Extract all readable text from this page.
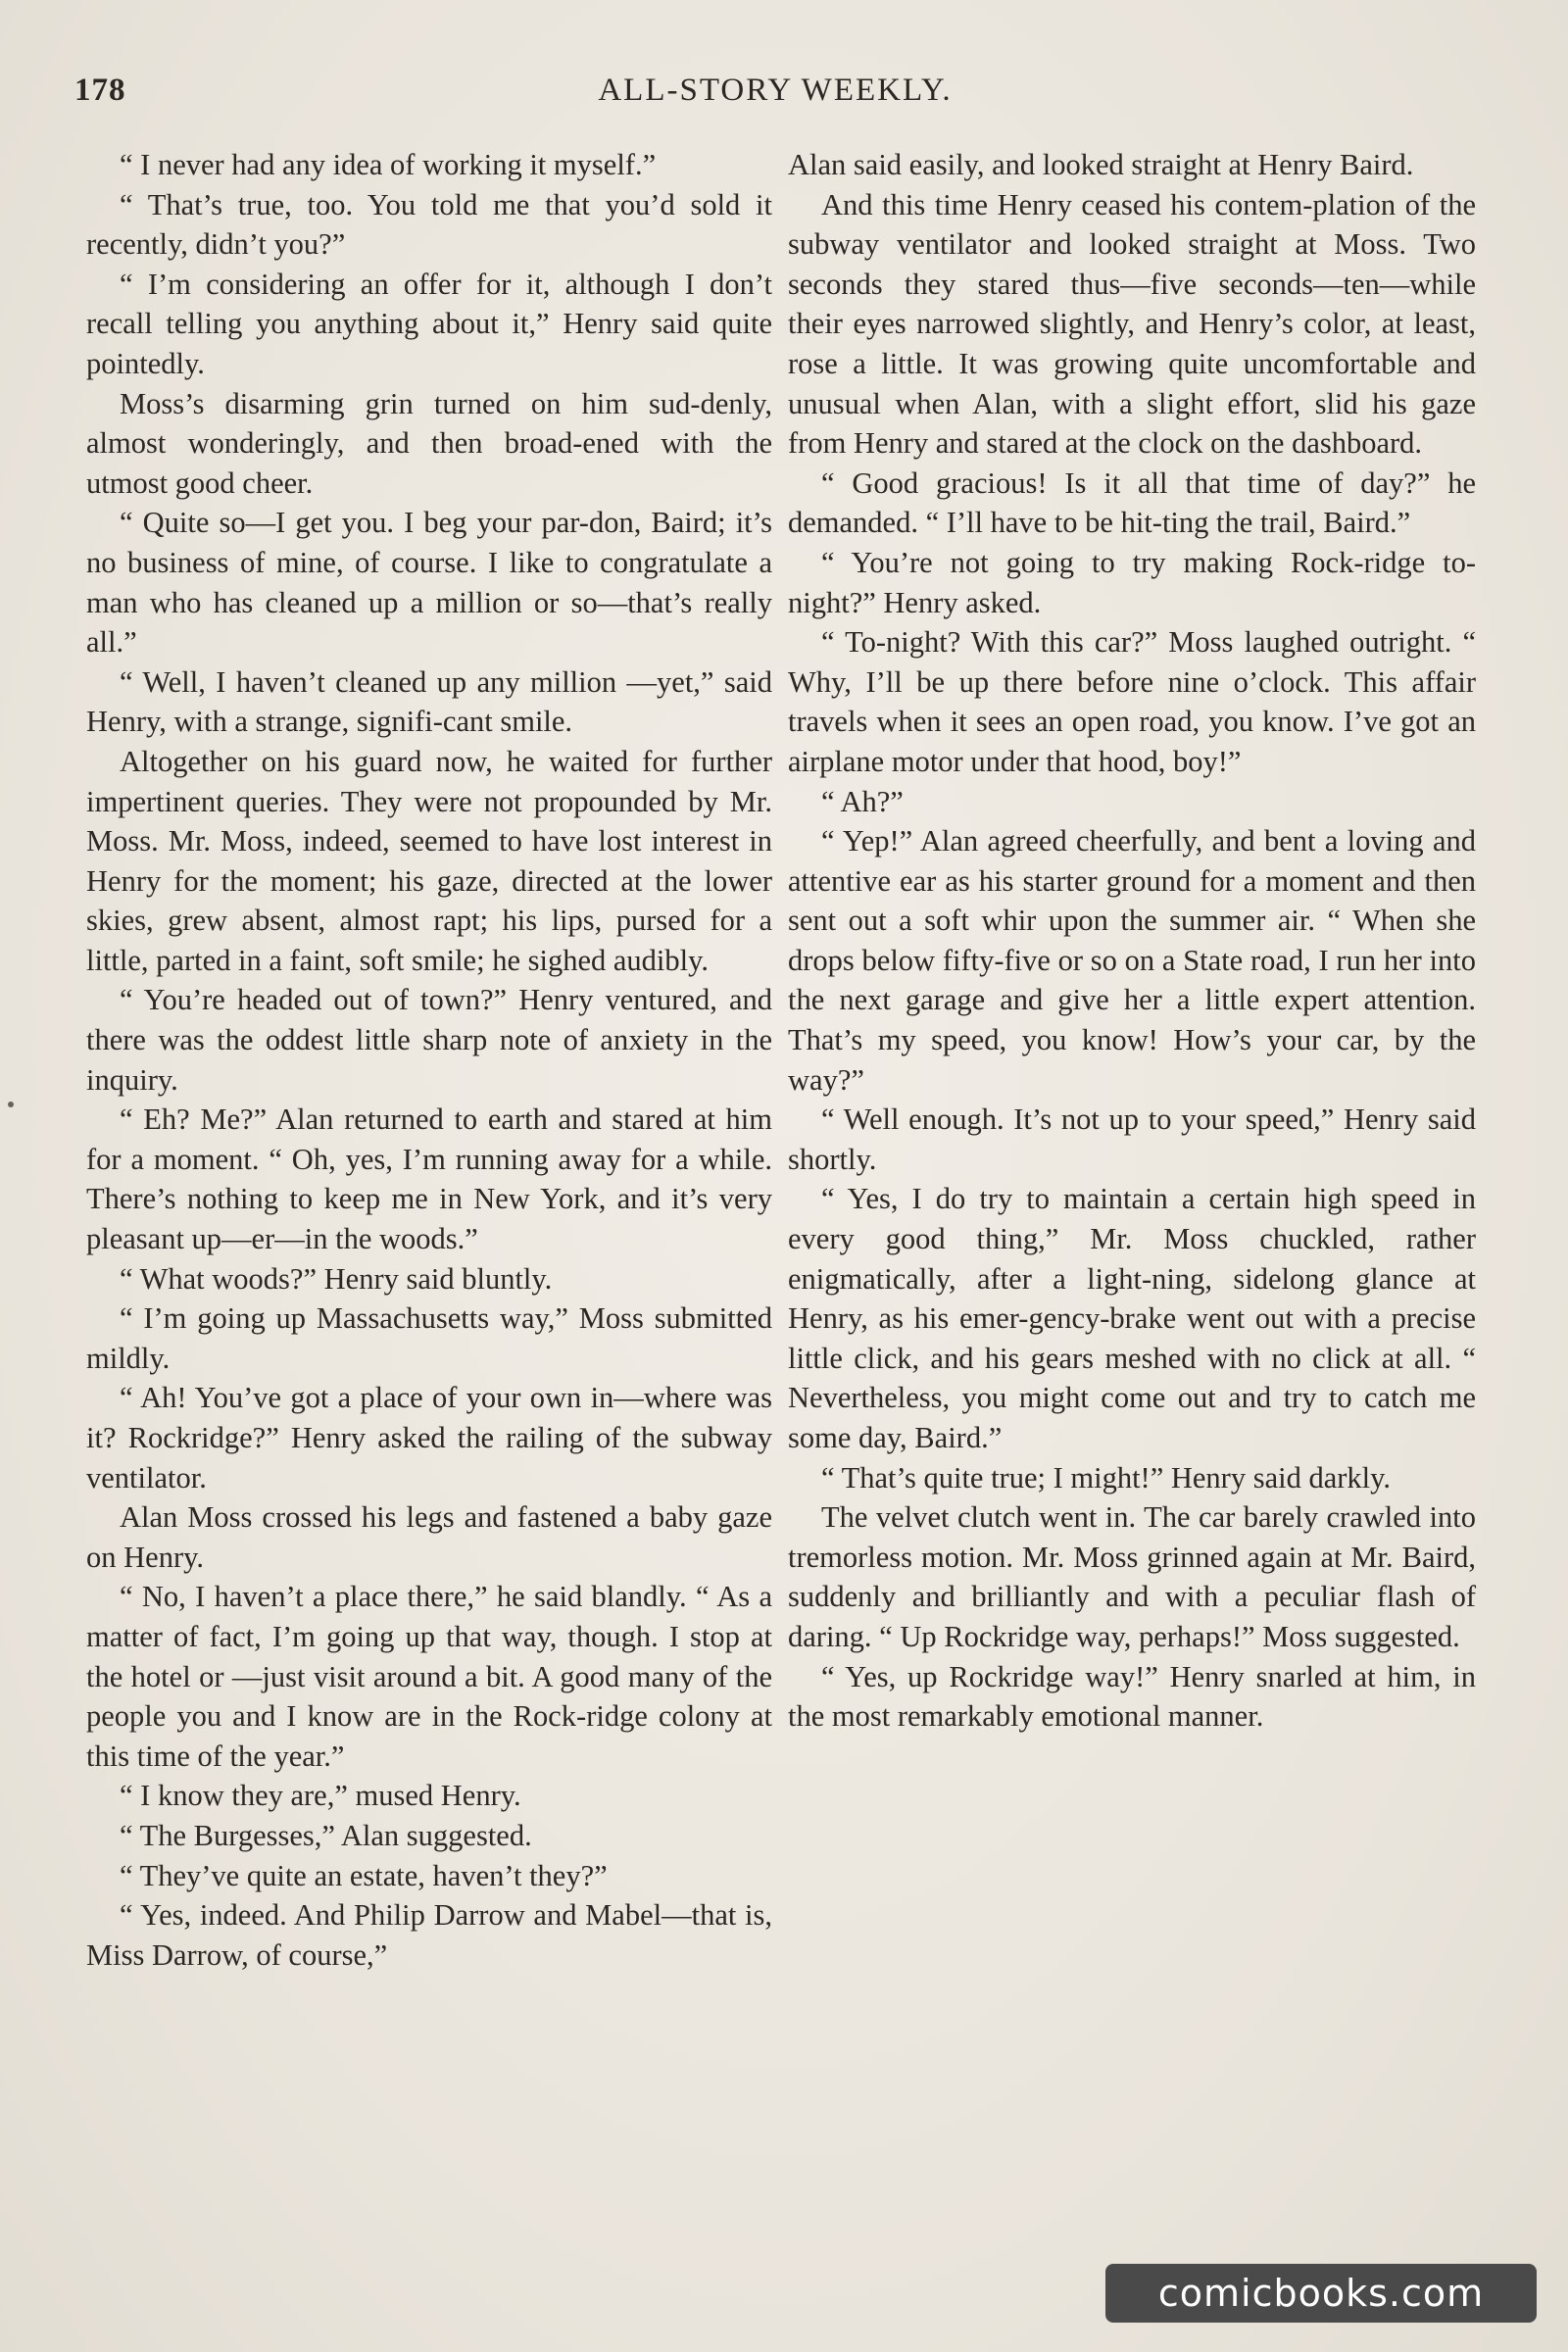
178	ALL-STORY WEEKLY.

“ I never had any idea of working it myself.”

“ That’s true, too. You told me that you’d sold it recently, didn’t you?”

“ I’m considering an offer for it, although I don’t recall telling you anything about it,” Henry said quite pointedly.

Moss’s disarming grin turned on him sud-denly, almost wonderingly, and then broad-ened with the utmost good cheer.

“ Quite so—I get you. I beg your par-don, Baird; it’s no business of mine, of course. I like to congratulate a man who has cleaned up a million or so—that’s really all.”

“ Well, I haven’t cleaned up any million —yet,” said Henry, with a strange, signifi-cant smile.

Altogether on his guard now, he waited for further impertinent queries. They were not propounded by Mr. Moss. Mr. Moss, indeed, seemed to have lost interest in Henry for the moment; his gaze, directed at the lower skies, grew absent, almost rapt; his lips, pursed for a little, parted in a faint, soft smile; he sighed audibly.

“ You’re headed out of town?” Henry ventured, and there was the oddest little sharp note of anxiety in the inquiry.

“ Eh? Me?” Alan returned to earth and stared at him for a moment. “ Oh, yes, I’m running away for a while. There’s nothing to keep me in New York, and it’s very pleasant up—er—in the woods.”

“ What woods?” Henry said bluntly.

“ I’m going up Massachusetts way,” Moss submitted mildly.

“ Ah! You’ve got a place of your own in—where was it? Rockridge?” Henry asked the railing of the subway ventilator.

Alan Moss crossed his legs and fastened a baby gaze on Henry.

“ No, I haven’t a place there,” he said blandly. “ As a matter of fact, I’m going up that way, though. I stop at the hotel or —just visit around a bit. A good many of the people you and I know are in the Rock-ridge colony at this time of the year.”

“ I know they are,” mused Henry.

“ The Burgesses,” Alan suggested.

“ They’ve quite an estate, haven’t they?”

“ Yes, indeed. And Philip Darrow and Mabel—that is, Miss Darrow, of course,”

Alan said easily, and looked straight at Henry Baird.

And this time Henry ceased his contem-plation of the subway ventilator and looked straight at Moss. Two seconds they stared thus—five seconds—ten—while their eyes narrowed slightly, and Henry’s color, at least, rose a little. It was growing quite uncomfortable and unusual when Alan, with a slight effort, slid his gaze from Henry and stared at the clock on the dashboard.

“ Good gracious! Is it all that time of day?” he demanded. “ I’ll have to be hit-ting the trail, Baird.”

“ You’re not going to try making Rock-ridge to-night?” Henry asked.

“ To-night? With this car?” Moss laughed outright. “ Why, I’ll be up there before nine o’clock. This affair travels when it sees an open road, you know. I’ve got an airplane motor under that hood, boy!”

“ Ah?”

“ Yep!” Alan agreed cheerfully, and bent a loving and attentive ear as his starter ground for a moment and then sent out a soft whir upon the summer air. “ When she drops below fifty-five or so on a State road, I run her into the next garage and give her a little expert attention. That’s my speed, you know! How’s your car, by the way?”

“ Well enough. It’s not up to your speed,” Henry said shortly.

“ Yes, I do try to maintain a certain high speed in every good thing,” Mr. Moss chuckled, rather enigmatically, after a light-ning, sidelong glance at Henry, as his emer-gency-brake went out with a precise little click, and his gears meshed with no click at all. “ Nevertheless, you might come out and try to catch me some day, Baird.”

“ That’s quite true; I might!” Henry said darkly.

The velvet clutch went in. The car barely crawled into tremorless motion. Mr. Moss grinned again at Mr. Baird, suddenly and brilliantly and with a peculiar flash of daring. “ Up Rockridge way, perhaps!” Moss suggested.

“ Yes, up Rockridge way!” Henry snarled at him, in the most remarkably emotional manner.

comicbooks.com
